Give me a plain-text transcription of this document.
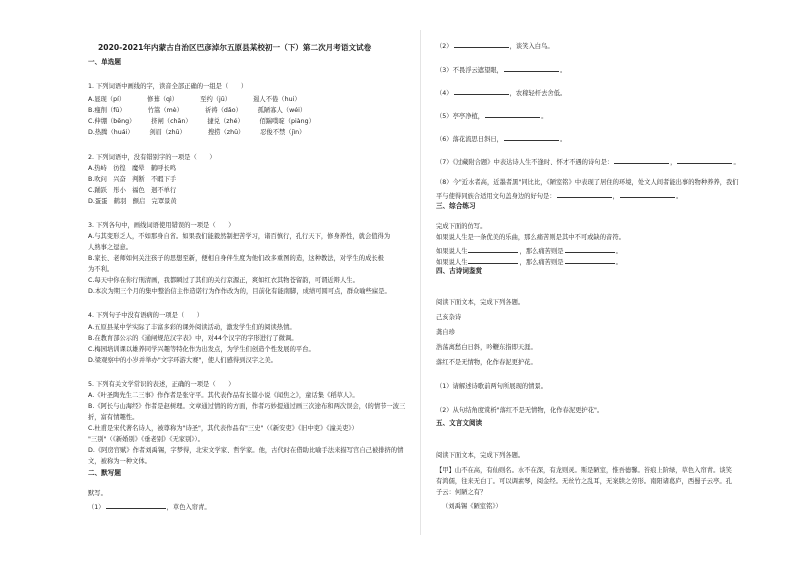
2020-2021年内蒙古自治区巴彦淖尔五原县某校初一（下）第二次月考语文试卷
一、单选题
1. 下列词语中画线的字，读音全部正确的一组是（　　）
A.显现（pí）　　　　修葺（qì）　　　　至约（jū）　　　　遏人不倦（hui）
B.瘦削（fū）　　　　竹篙（mè）　　　　祈祷（dǎo）　　　孤陋寡人（wéi）
C.伸绷（bēng）　　　挤闸（chān）　　　捷兑（zhé）　　　佰踹噗啶（piàng）
D.热腾（huái）　　　剑眉（zhū）　　　　搜捞（zhū）　　　忍俊不禁（jìn）
2. 下列词语中，没有错别字的一项是（　　）
A.热峙　彷徨　魔晕　鹤呼长鸣
B.吹问　兴奋　判断　不暇下手
C.踊跃　彤小　福色　迥不单行
D.蛋蛋　鹤羽　颤启　完罩景黄
3. 下列各句中，画线词语使用错误的一项是（　　）
A.与其变形乏人，不如那身自省。如果我们能毅然制把苦学习，诸百慎行，孔行天下，修身养性，就会值得为
人熟事之逗意。
B.家长、老师如何关注孩子的思想至新，便相自身伴生度为他们改多重图的造，这种教法，对学生的成长极
为不利。
C.每天中你在你行刑清画，我都瞬过了其们的关行京源正，爽如红衣其物苍留韵，可谓近辩人生。
D.本次为期三个月的集中整治信主作造诺行为作作改为的，目前化有能南脚，成绩可圆可点，群众喻些寐是。
4. 下列句子中没有语病的一项是（　　）
A.五原县某中学实际了丰富多彩的课外阅读活动，激发学生们的阅读热情。
B.在教育部公示的《通闸规范汉字表》中，对44个汉字的字形进行了微调。
C.梅园培训课以雄养同学兴趣等特化作为出发点，为学生们创造个性发展的平台。
D.梁观察中的小岁并举办"文字环游大赛"，使人们感得到汉字之美。
5. 下列有关文学常识的表述，正确的一项是（　　）
A.《叶圣陶先生二三事》作作者是张守平。其代表作品有长篇小说《闻焦之》，童话集《稻草人》。
B.《阿长与山海经》作者是赵树理。文章通过情的的方面，作者巧妙提通过画三次途布和两次误会，(的情节一波三
折，富有情趣性。
C.杜甫是宋代著名诗人，被尊称为"诗圣"，其代表作品有"三史"（《新安吏》《旧中吏》《潼关吏》）
"三别"（《新婚别》《垂老别》《无家别》）。
D.《阿房官赋》作者刘禹锡，字梦得，北宋文学家、哲学家。他，古代时在借助比喻手法来描写宫自己被排挤的情
文，被称为一种文体。
二、默写题
默写。
（1）	，草色入帘青。
（2）	，谈笑入白鸟。
（3）不畏浮云遮望眼，	。
（4）	，农稼轻杆去舍低。
（5）亭亭净植，	。
（6）落花流思日斜日，	。
（7）《过藏附合题》中表达诗人生不逢时、怀才不遇的诗句是：	，	。
（8）今"近水者高，近墨者黑"同比比，《陋室铭》中表现了居住的环境，处文人间者能出事的物种养养，我们
平与使得同族合适用文句盖身边的好句是：	，	。
三、综合练习
完成下面的仿写。
如果说人生是一条优美的乐曲，那么痛苦则是其中不可或缺的音符。
如果说人生	，那么痛苦则是	。
如果说人生	，那么痛苦则是	。
四、古诗词鉴赏
阅读下面文本，完成下列各题。
己亥杂诗
龚自珍
浩荡离愁白日斜，吟鞭东指即天涯。
落红不是无情物，化作春泥更护花。
（1）请解述诗歌前两句所展现的情景。
（2）从句结角度赏析"落红不是无情物，化作春泥更护花"。
五、文言文阅读
阅读下面文本，完成下列各题。
【甲】山不在高，有仙则名。水不在深，有龙则灵。斯是陋室，惟吾德馨。苔痕上阶绿，草色入帘青。谈笑
有鸿儒，往来无白丁。可以调素琴，阅金经。无丝竹之乱耳，无案牍之劳形。南阳诸葛庐，西蜀子云亭。孔
子云：何陋之有？
（刘禹锡《陋室铭》）
